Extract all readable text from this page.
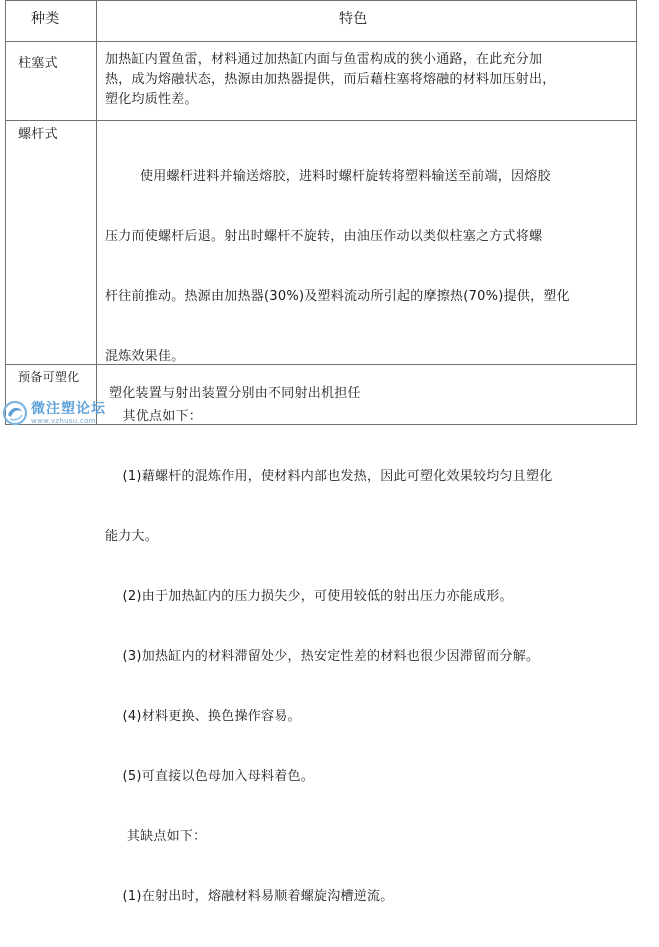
种类	特色
柱塞式	加热缸内置鱼雷，材料通过加热缸内面与鱼雷构成的狭小通路，在此充分加
热，成为熔融状态，热源由加热器提供，而后藉柱塞将熔融的材料加压射出，
塑化均质性差。
螺杆式

使用螺杆进料并输送熔胶，进料时螺杆旋转将塑料输送至前端，因熔胶

压力而使螺杆后退。射出时螺杆不旋转，由油压作动以类似柱塞之方式将螺

杆往前推动。热源由加热器(30%)及塑料流动所引起的摩擦热(70%)提供，塑化

混炼效果佳。

其优点如下：

(1)藉螺杆的混炼作用，使材料内部也发热，因此可塑化效果较均匀且塑化

能力大。

(2)由于加热缸内的压力损失少，可使用较低的射出压力亦能成形。

(3)加热缸内的材料滞留处少，热安定性差的材料也很少因滞留而分解。

(4)材料更换、换色操作容易。

(5)可直接以色母加入母料着色。

其缺点如下：

(1)在射出时，熔融材料易顺着螺旋沟槽逆流。

预备可塑化
塑化装置与射出装置分别由不同射出机担任
微注塑论坛
www.vzhusu.com
